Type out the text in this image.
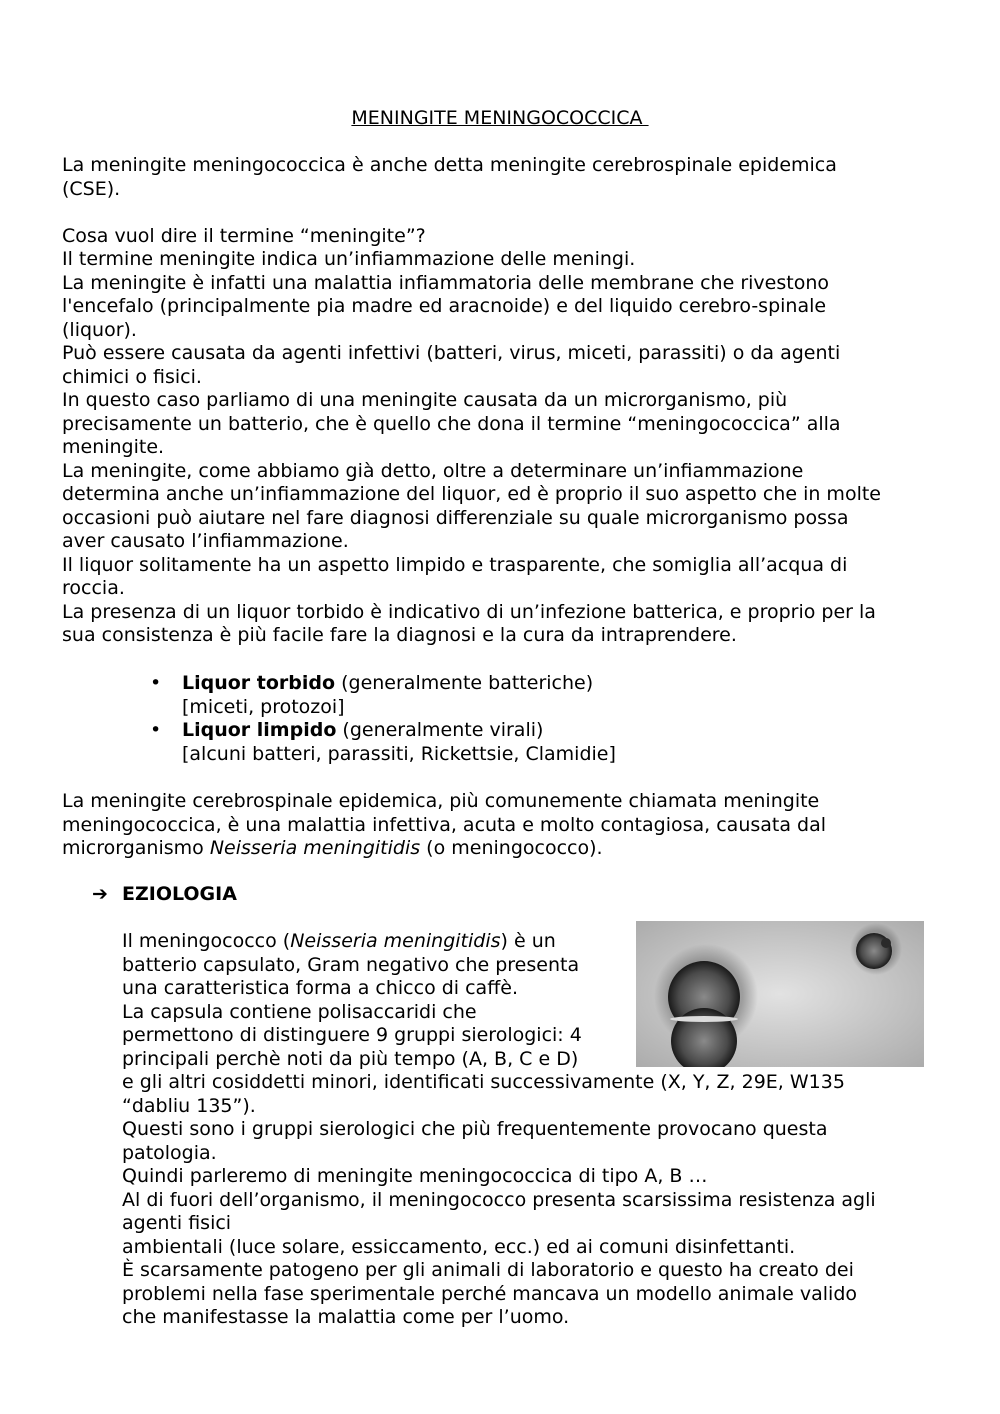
MENINGITE MENINGOCOCCICA
La meningite meningococcica è anche detta meningite cerebrospinale epidemica
(CSE).
Cosa vuol dire il termine “meningite”?
Il termine meningite indica un’infiammazione delle meningi.
La meningite è infatti una malattia infiammatoria delle membrane che rivestono
l'encefalo (principalmente pia madre ed aracnoide) e del liquido cerebro-spinale
(liquor).
Può essere causata da agenti infettivi (batteri, virus, miceti, parassiti) o da agenti
chimici o fisici.
In questo caso parliamo di una meningite causata da un microrganismo, più
precisamente un batterio, che è quello che dona il termine “meningococcica” alla
meningite.
La meningite, come abbiamo già detto, oltre a determinare un’infiammazione
determina anche un’infiammazione del liquor, ed è proprio il suo aspetto che in molte
occasioni può aiutare nel fare diagnosi differenziale su quale microrganismo possa
aver causato l’infiammazione.
Il liquor solitamente ha un aspetto limpido e trasparente, che somiglia all’acqua di
roccia.
La presenza di un liquor torbido è indicativo di un’infezione batterica, e proprio per la
sua consistenza è più facile fare la diagnosi e la cura da intraprendere.
•	Liquor torbido (generalmente batteriche)
[miceti, protozoi]
•	Liquor limpido (generalmente virali)
[alcuni batteri, parassiti, Rickettsie, Clamidie]
La meningite cerebrospinale epidemica, più comunemente chiamata meningite
meningococcica, è una malattia infettiva, acuta e molto contagiosa, causata dal
microrganismo Neisseria meningitidis (o meningococco).
➔ EZIOLOGIA
Il meningococco (Neisseria meningitidis) è un
batterio capsulato, Gram negativo che presenta
una caratteristica forma a chicco di caffè.
La capsula contiene polisaccaridi che
permettono di distinguere 9 gruppi sierologici: 4
principali perchè noti da più tempo (A, B, C e D)
e gli altri cosiddetti minori, identificati successivamente (X, Y, Z, 29E, W135
“dabliu 135”).
Questi sono i gruppi sierologici che più frequentemente provocano questa
patologia.
Quindi parleremo di meningite meningococcica di tipo A, B …
Al di fuori dell’organismo, il meningococco presenta scarsissima resistenza agli
agenti fisici
ambientali (luce solare, essiccamento, ecc.) ed ai comuni disinfettanti.
È scarsamente patogeno per gli animali di laboratorio e questo ha creato dei
problemi nella fase sperimentale perché mancava un modello animale valido
che manifestasse la malattia come per l’uomo.
